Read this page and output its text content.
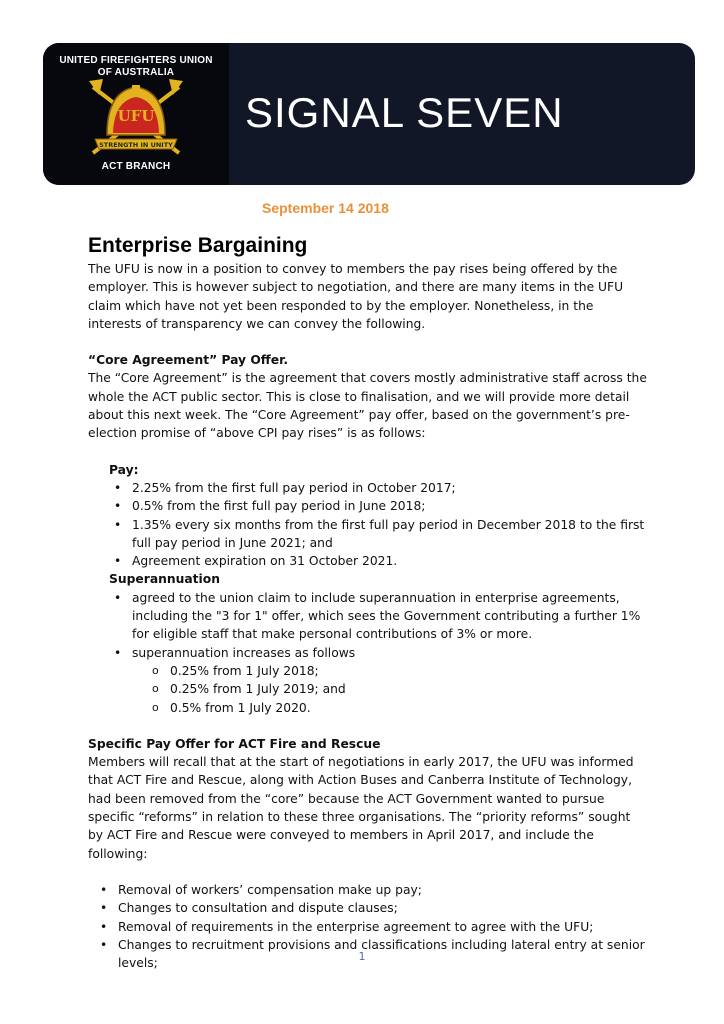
UNITED FIREFIGHTERS UNION
OF AUSTRALIA
UFU
STRENGTH IN UNITY
ACT BRANCH
SIGNAL SEVEN
September 14 2018
Enterprise Bargaining

The UFU is now in a position to convey to members the pay rises being offered by the employer. This is however subject to negotiation, and there are many items in the UFU claim which have not yet been responded to by the employer. Nonetheless, in the interests of transparency we can convey the following.

“Core Agreement” Pay Offer.

The “Core Agreement” is the agreement that covers mostly administrative staff across the whole the ACT public sector. This is close to finalisation, and we will provide more detail about this next week. The “Core Agreement” pay offer, based on the government’s pre-election promise of “above CPI pay rises” is as follows:

Pay:

• 2.25% from the first full pay period in October 2017;
• 0.5% from the first full pay period in June 2018;
• 1.35% every six months from the first full pay period in December 2018 to the first full pay period in June 2021; and
• Agreement expiration on 31 October 2021.

Superannuation

• agreed to the union claim to include superannuation in enterprise agreements, including the "3 for 1" offer, which sees the Government contributing a further 1% for eligible staff that make personal contributions of 3% or more.
• superannuation increases as follows
o 0.25% from 1 July 2018;
o 0.25% from 1 July 2019; and
o 0.5% from 1 July 2020.

Specific Pay Offer for ACT Fire and Rescue

Members will recall that at the start of negotiations in early 2017, the UFU was informed that ACT Fire and Rescue, along with Action Buses and Canberra Institute of Technology, had been removed from the “core” because the ACT Government wanted to pursue specific “reforms” in relation to these three organisations. The “priority reforms” sought by ACT Fire and Rescue were conveyed to members in April 2017, and include the following:

• Removal of workers’ compensation make up pay;
• Changes to consultation and dispute clauses;
• Removal of requirements in the enterprise agreement to agree with the UFU;
• Changes to recruitment provisions and classifications including lateral entry at senior levels;	1
